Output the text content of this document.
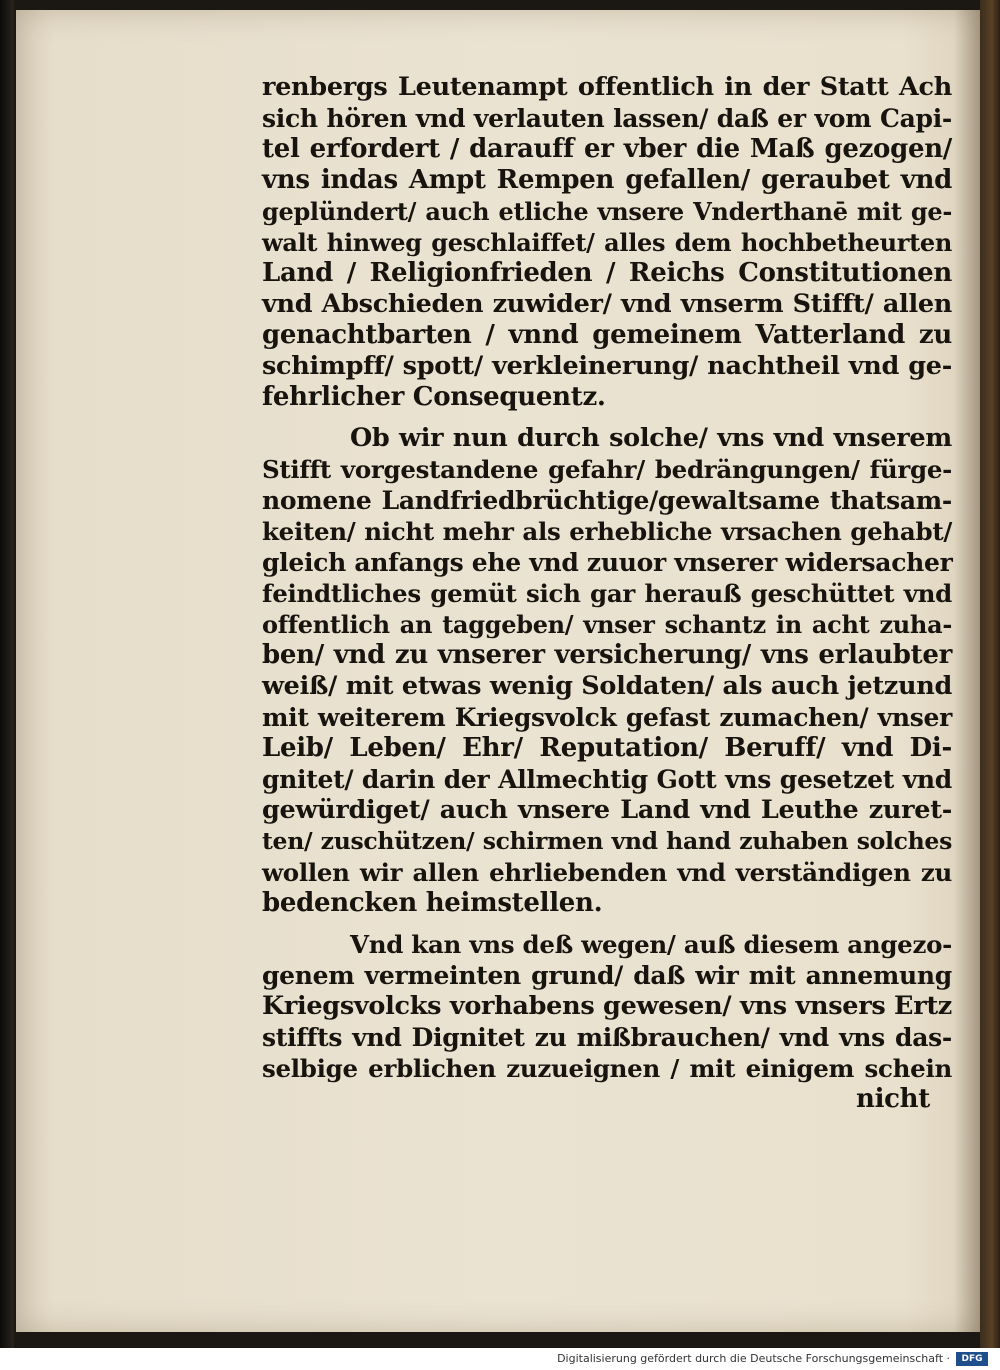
renbergs Leutenampt offentlich in der Statt Ach
sich hören vnd verlauten lassen/ daß er vom Capi-
tel erfordert / darauff er vber die Maß gezogen/
vns indas Ampt Rempen gefallen/ geraubet vnd
geplündert/ auch etliche vnsere Vnderthanē mit ge-
walt hinweg geschlaiffet/ alles dem hochbetheurten
Land / Religionfrieden / Reichs Constitutionen
vnd Abschieden zuwider/ vnd vnserm Stifft/ allen
genachtbarten / vnnd gemeinem Vatterland zu
schimpff/ spott/ verkleinerung/ nachtheil vnd ge-
fehrlicher Consequentz.
Ob wir nun durch solche/ vns vnd vnserem
Stifft vorgestandene gefahr/ bedrängungen/ fürge-
nomene Landfriedbrüchtige/gewaltsame thatsam-
keiten/ nicht mehr als erhebliche vrsachen gehabt/
gleich anfangs ehe vnd zuuor vnserer widersacher
feindtliches gemüt sich gar herauß geschüttet vnd
offentlich an taggeben/ vnser schantz in acht zuha-
ben/ vnd zu vnserer versicherung/ vns erlaubter
weiß/ mit etwas wenig Soldaten/ als auch jetzund
mit weiterem Kriegsvolck gefast zumachen/ vnser
Leib/ Leben/ Ehr/ Reputation/ Beruff/ vnd Di-
gnitet/ darin der Allmechtig Gott vns gesetzet vnd
gewürdiget/ auch vnsere Land vnd Leuthe zuret-
ten/ zuschützen/ schirmen vnd hand zuhaben solches
wollen wir allen ehrliebenden vnd verständigen zu
bedencken heimstellen.
Vnd kan vns deß wegen/ auß diesem angezo-
genem vermeinten grund/ daß wir mit annemung
Kriegsvolcks vorhabens gewesen/ vns vnsers Ertz
stiffts vnd Dignitet zu mißbrauchen/ vnd vns das-
selbige erblichen zuzueignen / mit einigem schein
nicht
Digitalisierung gefördert durch die Deutsche Forschungsgemeinschaft ·	DFG
